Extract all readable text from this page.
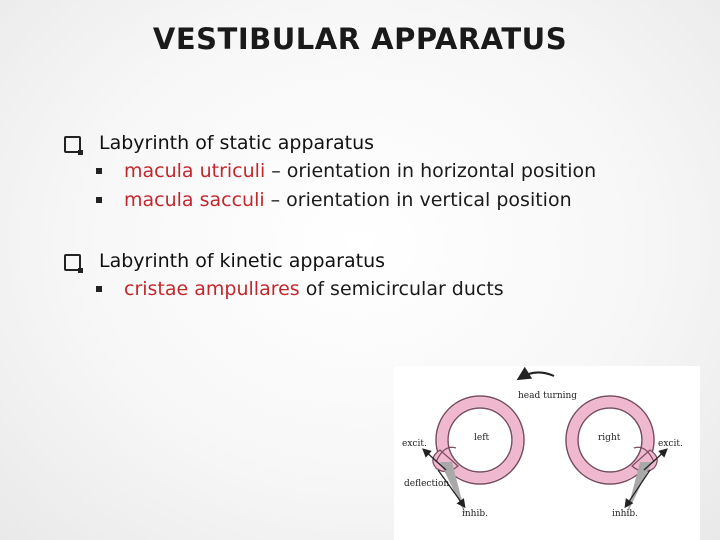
VESTIBULAR APPARATUS
Labyrinth of static apparatus
macula utriculi – orientation in horizontal position
macula sacculi – orientation in vertical position
Labyrinth of kinetic apparatus
cristae ampullares of semicircular ducts
head turning
left	right
excit.
deflection
inhib.
excit.
inhib.
